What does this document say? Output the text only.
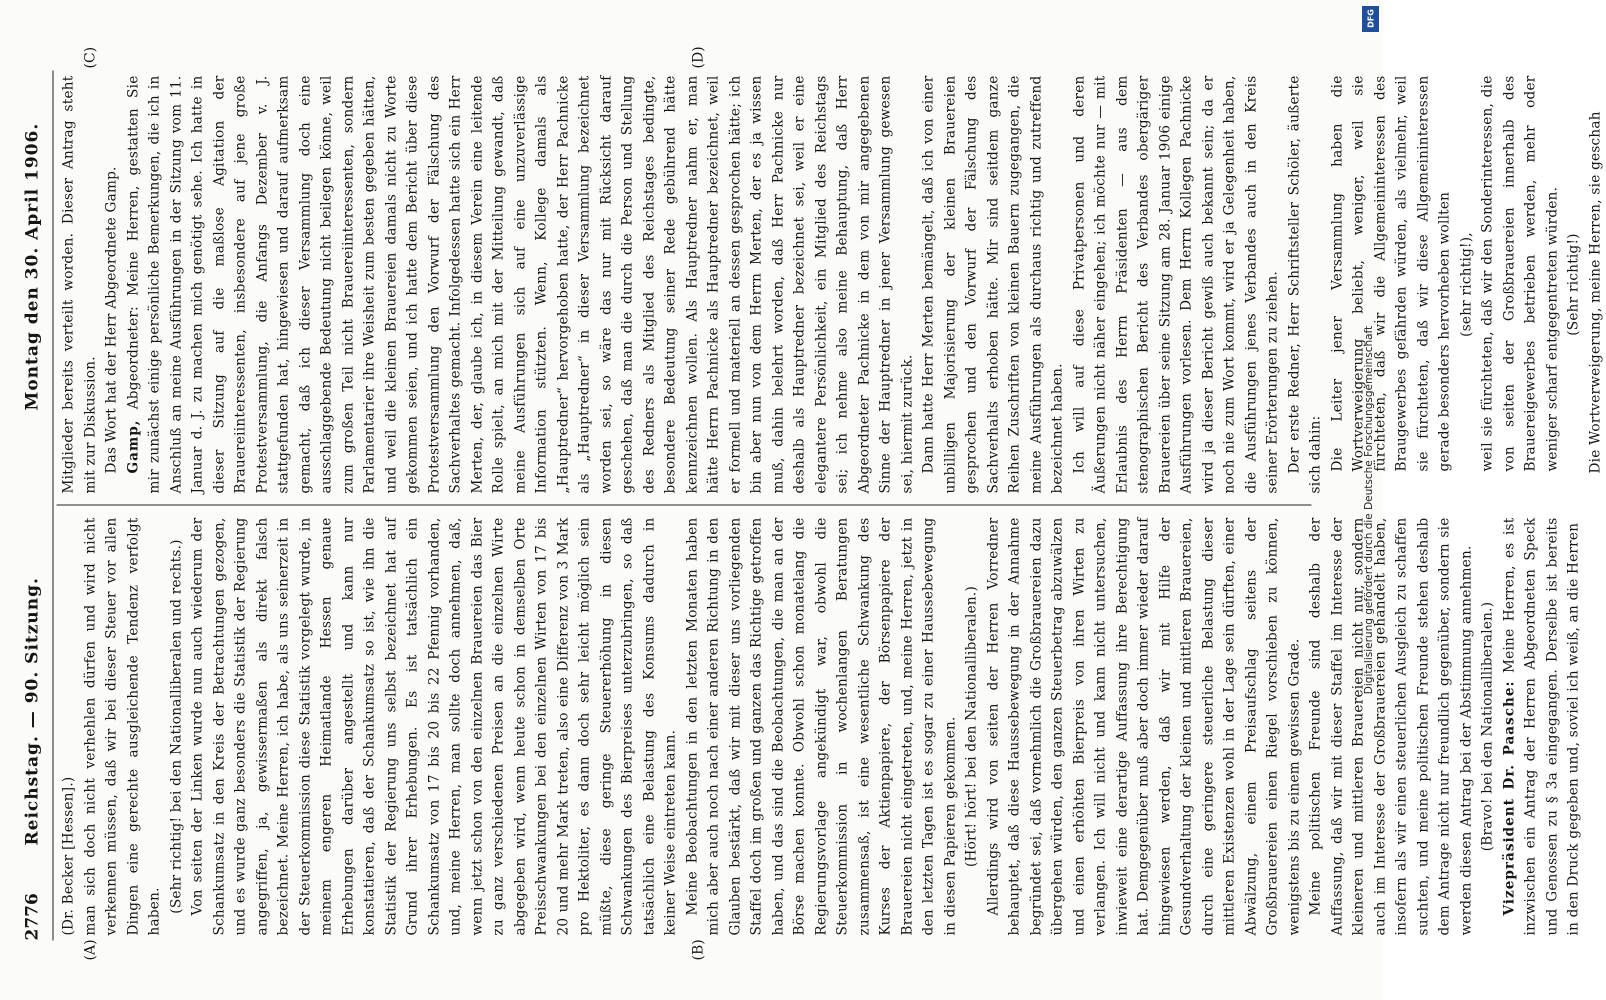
2776
Reichstag. — 90. Sitzung.
Montag den 30. April 1906.
(A)	(B)
(C)	(D)

(Dr. Becker [Hessen].) man sich doch nicht verhehlen dürfen und wird nicht verkennen müssen, daß wir bei dieser Steuer vor allen Dingen eine gerechte ausgleichende Tendenz verfolgt haben. (Sehr richtig! bei den Nationalliberalen und rechts.) Von seiten der Linken wurde nun auch wiederum der Schankumsatz in den Kreis der Betrachtungen gezogen, und es wurde ganz besonders die Statistik der Regierung angegriffen, ja, gewissermaßen als direkt falsch bezeichnet. Meine Herren, ich habe, als uns seinerzeit in der Steuerkommission diese Statistik vorgelegt wurde, in meinem engeren Heimatlande Hessen genaue Erhebungen darüber angestellt und kann nur konstatieren, daß der Schankumsatz so ist, wie ihn die Statistik der Regierung uns selbst bezeichnet hat auf Grund ihrer Erhebungen. Es ist tatsächlich ein Schankumsatz von 17 bis 20 bis 22 Pfennig vorhanden, und, meine Herren, man sollte doch annehmen, daß, wenn jetzt schon von den einzelnen Brauereien das Bier zu ganz verschiedenen Preisen an die einzelnen Wirte abgegeben wird, wenn heute schon in demselben Orte Preisschwankungen bei den einzelnen Wirten von 17 bis 20 und mehr Mark treten, also eine Differenz von 3 Mark pro Hektoliter, es dann doch sehr leicht möglich sein müßte, diese geringe Steuererhöhung in diesen Schwankungen des Bierpreises unterzubringen, so daß tatsächlich eine Belastung des Konsums dadurch in keiner Weise eintreten kann. Meine Beobachtungen in den letzten Monaten haben mich aber auch noch nach einer anderen Richtung in den Glauben bestärkt, daß wir mit dieser uns vorliegenden Staffel doch im großen und ganzen das Richtige getroffen haben, und das sind die Beobachtungen, die man an der Börse machen konnte. Obwohl schon monatelang die Regierungsvorlage angekündigt war, obwohl die Steuerkommission in wochenlangen Beratungen zusammensaß, ist eine wesentliche Schwankung des Kurses der Aktienpapiere, der Börsenpapiere der Brauereien nicht eingetreten, und, meine Herren, jetzt in den letzten Tagen ist es sogar zu einer Haussebewegung in diesen Papieren gekommen. (Hört! hört! bei den Nationalliberalen.) Allerdings wird von seiten der Herren Vorredner behauptet, daß diese Haussebewegung in der Annahme begründet sei, daß vornehmlich die Großbrauereien dazu übergehen würden, den ganzen Steuerbetrag abzuwälzen und einen erhöhten Bierpreis von ihren Wirten zu verlangen. Ich will nicht und kann nicht untersuchen, inwieweit eine derartige Auffassung ihre Berechtigung hat. Demgegenüber muß aber doch immer wieder darauf hingewiesen werden, daß wir mit Hilfe der Gesundverhaltung der kleinen und mittleren Brauereien, durch eine geringere steuerliche Belastung dieser mittleren Existenzen wohl in der Lage sein dürften, einer Abwälzung, einem Preisaufschlag seitens der Großbrauereien einen Riegel vorschieben zu können, wenigstens bis zu einem gewissen Grade. Meine politischen Freunde sind deshalb der Auffassung, daß wir mit dieser Staffel im Interesse der kleineren und mittleren Brauereien nicht nur, sondern auch im Interesse der Großbrauereien gehandelt haben, insofern als wir einen steuerlichen Ausgleich zu schaffen suchten, und meine politischen Freunde stehen deshalb dem Antrage nicht nur freundlich gegenüber, sondern sie werden diesen Antrag bei der Abstimmung annehmen. (Bravo! bei den Nationalliberalen.) Vizepräsident Dr. Paasche: Meine Herren, es ist inzwischen ein Antrag der Herren Abgeordneten Speck und Genossen zu § 3a eingegangen. Derselbe ist bereits in den Druck gegeben und, soviel ich weiß, an die Herren

Mitglieder bereits verteilt worden. Dieser Antrag steht mit zur Diskussion. Das Wort hat der Herr Abgeordnete Gamp. Gamp, Abgeordneter: Meine Herren, gestatten Sie mir zunächst einige persönliche Bemerkungen, die ich in Anschluß an meine Ausführungen in der Sitzung vom 11. Januar d. J. zu machen mich genötigt sehe. Ich hatte in dieser Sitzung auf die maßlose Agitation der Brauereiinteressenten, insbesondere auf jene große Protestversammlung, die Anfangs Dezember v. J. stattgefunden hat, hingewiesen und darauf aufmerksam gemacht, daß ich dieser Versammlung doch eine ausschlaggebende Bedeutung nicht beilegen könne, weil zum großen Teil nicht Brauereiinteressenten, sondern Parlamentarier ihre Weisheit zum besten gegeben hätten, und weil die kleinen Brauereien damals nicht zu Worte gekommen seien, und ich hatte dem Bericht über diese Protestversammlung den Vorwurf der Fälschung des Sachverhaltes gemacht. Infolgedessen hatte sich ein Herr Merten, der, glaube ich, in diesem Verein eine leitende Rolle spielt, an mich mit der Mitteilung gewandt, daß meine Ausführungen sich auf eine unzuverlässige Information stützten. Wenn, Kollege damals als „Hauptredner“ hervorgehoben hatte, der Herr Pachnicke als „Hauptredner“ in dieser Versammlung bezeichnet worden sei, so wäre das nur mit Rücksicht darauf geschehen, daß man die durch die Person und Stellung des Redners als Mitglied des Reichstages bedingte, besondere Bedeutung seiner Rede gebührend hätte kennzeichnen wollen. Als Hauptredner nahm er, man hätte Herrn Pachnicke als Hauptredner bezeichnet, weil er formell und materiell an dessen gesprochen hätte; ich bin aber nun von dem Herrn Merten, der es ja wissen muß, dahin belehrt worden, daß Herr Pachnicke nur deshalb als Hauptredner bezeichnet sei, weil er eine elegantere Persönlichkeit, ein Mitglied des Reichstags sei; ich nehme also meine Behauptung, daß Herr Abgeordneter Pachnicke in dem von mir angegebenen Sinne der Hauptredner in jener Versammlung gewesen sei, hiermit zurück. Dann hatte Herr Merten bemängelt, daß ich von einer unbilligen Majorisierung der kleinen Brauereien gesprochen und den Vorwurf der Fälschung des Sachverhalts erhoben hätte. Mir sind seitdem ganze Reihen Zuschriften von kleinen Bauern zugegangen, die meine Ausführungen als durchaus richtig und zutreffend bezeichnet haben. Ich will auf diese Privatpersonen und deren Äußerungen nicht näher eingehen; ich möchte nur — mit Erlaubnis des Herrn Präsidenten — aus dem stenographischen Bericht des Verbandes obergäriger Brauereien über seine Sitzung am 28. Januar 1906 einige Ausführungen vorlesen. Dem Herrn Kollegen Pachnicke wird ja dieser Bericht gewiß auch bekannt sein; da er noch nie zum Wort kommt, wird er ja Gelegenheit haben, die Ausführungen jenes Verbandes auch in den Kreis seiner Erörterungen zu ziehen. Der erste Redner, Herr Schriftsteller Schöler, äußerte sich dahin: Die Leiter jener Versammlung haben die Wortverweigerung beliebt, weniger, weil sie fürchteten, daß wir die Allgemeininteressen des Braugewerbes gefährden würden, als vielmehr, weil sie fürchteten, daß wir diese Allgemeininteressen gerade besonders hervorheben wollten (sehr richtig!), weil sie fürchteten, daß wir den Sonderinteressen, die von seiten der Großbrauereien innerhalb des Brauereigewerbes betrieben werden, mehr oder weniger scharf entgegentreten würden. (Sehr richtig!) Die Wortverweigerung, meine Herren, sie geschah

DFG
Digitalisierung gefördert durch die Deutsche Forschungsgemeinschaft
